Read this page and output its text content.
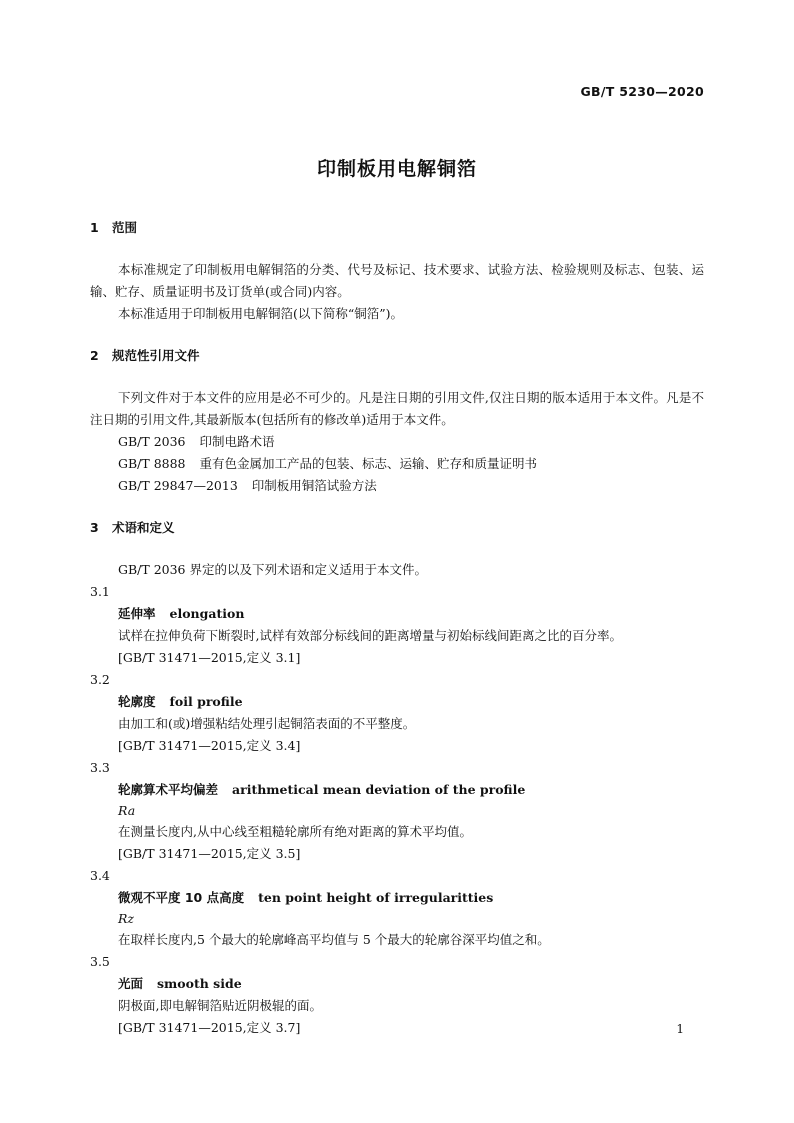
GB/T 5230—2020
印制板用电解铜箔
1 范围
本标准规定了印制板用电解铜箔的分类、代号及标记、技术要求、试验方法、检验规则及标志、包装、运输、贮存、质量证明书及订货单(或合同)内容。
本标准适用于印制板用电解铜箔(以下简称“铜箔”)。
2 规范性引用文件
下列文件对于本文件的应用是必不可少的。凡是注日期的引用文件,仅注日期的版本适用于本文件。凡是不注日期的引用文件,其最新版本(包括所有的修改单)适用于本文件。
GB/T 2036 印制电路术语
GB/T 8888 重有色金属加工产品的包装、标志、运输、贮存和质量证明书
GB/T 29847—2013 印制板用铜箔试验方法
3 术语和定义
GB/T 2036 界定的以及下列术语和定义适用于本文件。
3.1
延伸率 elongation
试样在拉伸负荷下断裂时,试样有效部分标线间的距离增量与初始标线间距离之比的百分率。
[GB/T 31471—2015,定义 3.1]
3.2
轮廓度 foil profile
由加工和(或)增强粘结处理引起铜箔表面的不平整度。
[GB/T 31471—2015,定义 3.4]
3.3
轮廓算术平均偏差 arithmetical mean deviation of the profile
Ra
在测量长度内,从中心线至粗糙轮廓所有绝对距离的算术平均值。
[GB/T 31471—2015,定义 3.5]
3.4
微观不平度 10 点高度 ten point height of irregularitties
Rz
在取样长度内,5 个最大的轮廓峰高平均值与 5 个最大的轮廓谷深平均值之和。
3.5
光面 smooth side
阴极面,即电解铜箔贴近阴极辊的面。
[GB/T 31471—2015,定义 3.7]	1
